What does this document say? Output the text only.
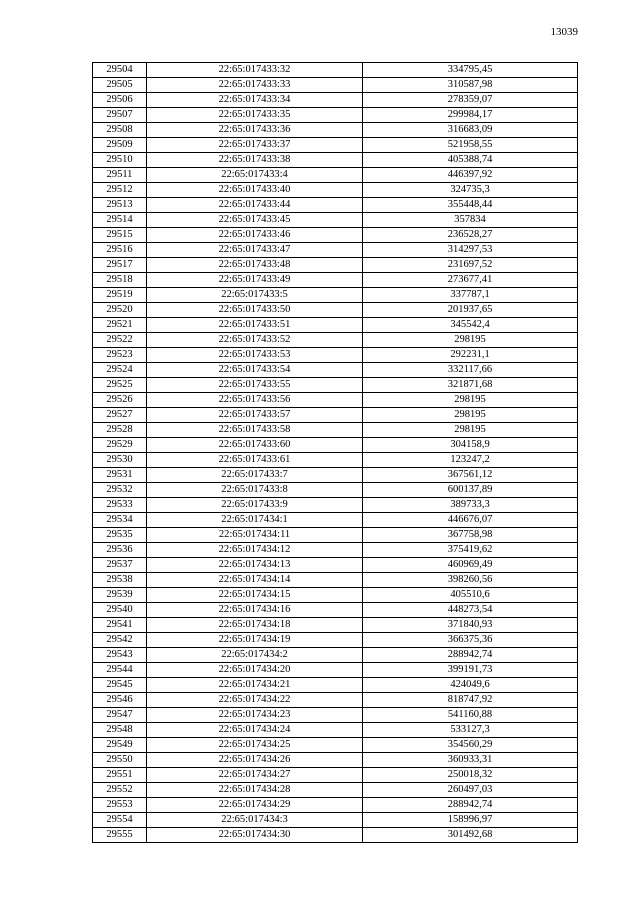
13039
29504	22:65:017433:32	334795,45
29505	22:65:017433:33	310587,98
29506	22:65:017433:34	278359,07
29507	22:65:017433:35	299984,17
29508	22:65:017433:36	316683,09
29509	22:65:017433:37	521958,55
29510	22:65:017433:38	405388,74
29511	22:65:017433:4	446397,92
29512	22:65:017433:40	324735,3
29513	22:65:017433:44	355448,44
29514	22:65:017433:45	357834
29515	22:65:017433:46	236528,27
29516	22:65:017433:47	314297,53
29517	22:65:017433:48	231697,52
29518	22:65:017433:49	273677,41
29519	22:65:017433:5	337787,1
29520	22:65:017433:50	201937,65
29521	22:65:017433:51	345542,4
29522	22:65:017433:52	298195
29523	22:65:017433:53	292231,1
29524	22:65:017433:54	332117,66
29525	22:65:017433:55	321871,68
29526	22:65:017433:56	298195
29527	22:65:017433:57	298195
29528	22:65:017433:58	298195
29529	22:65:017433:60	304158,9
29530	22:65:017433:61	123247,2
29531	22:65:017433:7	367561,12
29532	22:65:017433:8	600137,89
29533	22:65:017433:9	389733,3
29534	22:65:017434:1	446676,07
29535	22:65:017434:11	367758,98
29536	22:65:017434:12	375419,62
29537	22:65:017434:13	460969,49
29538	22:65:017434:14	398260,56
29539	22:65:017434:15	405510,6
29540	22:65:017434:16	448273,54
29541	22:65:017434:18	371840,93
29542	22:65:017434:19	366375,36
29543	22:65:017434:2	288942,74
29544	22:65:017434:20	399191,73
29545	22:65:017434:21	424049,6
29546	22:65:017434:22	818747,92
29547	22:65:017434:23	541160,88
29548	22:65:017434:24	533127,3
29549	22:65:017434:25	354560,29
29550	22:65:017434:26	360933,31
29551	22:65:017434:27	250018,32
29552	22:65:017434:28	260497,03
29553	22:65:017434:29	288942,74
29554	22:65:017434:3	158996,97
29555	22:65:017434:30	301492,68
